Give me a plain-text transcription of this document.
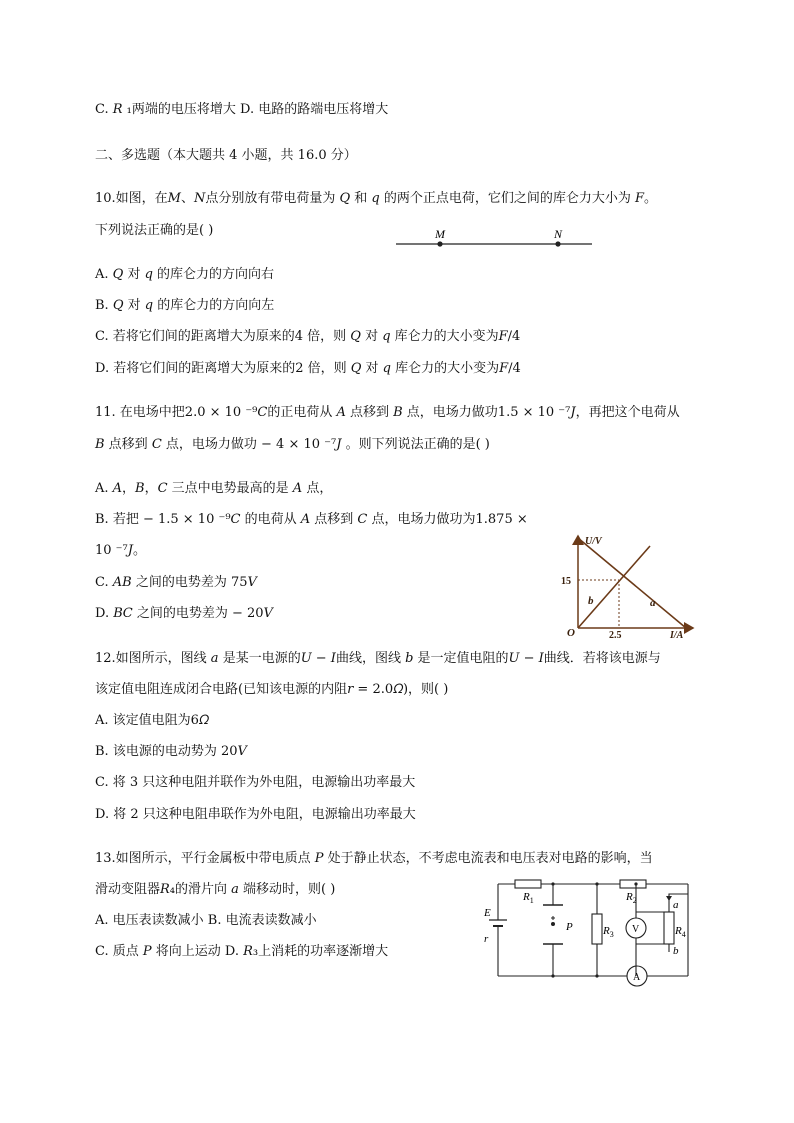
C. 𝑅 ₁两端的电压将增大 D. 电路的路端电压将增大
二、多选题（本大题共 4 小题，共 16.0 分）
10.如图，在𝑀、𝑁点分别放有带电荷量为 𝑄 和 𝑞 的两个正点电荷，它们之间的库仑力大小为 𝐹。
下列说法正确的是( )
A. 𝑄 对 𝑞 的库仑力的方向向右
B. 𝑄 对 𝑞 的库仑力的方向向左
C. 若将它们间的距离增大为原来的4 倍，则 𝑄 对 𝑞 库仑力的大小变为𝐹/4
D. 若将它们间的距离增大为原来的2 倍，则 𝑄 对 𝑞 库仑力的大小变为𝐹/4
11. 在电场中把2.0 × 10 ⁻⁹𝐶的正电荷从 𝐴 点移到 𝐵 点，电场力做功1.5 × 10 ⁻⁷𝐽，再把这个电荷从
𝐵 点移到 𝐶 点，电场力做功 − 4 × 10 ⁻⁷𝐽 。则下列说法正确的是( )
A. 𝐴，𝐵，𝐶 三点中电势最高的是 𝐴 点，
B. 若把 − 1.5 × 10 ⁻⁹𝐶 的电荷从 𝐴 点移到 𝐶 点，电场力做功为1.875 ×
10 ⁻⁷𝐽。
C. 𝐴𝐵 之间的电势差为 75𝑉
D. 𝐵𝐶 之间的电势差为 − 20𝑉
12.如图所示，图线 𝑎 是某一电源的𝑈 − 𝐼曲线，图线 𝑏 是一定值电阻的𝑈 − 𝐼曲线．若将该电源与
该定值电阻连成闭合电路(已知该电源的内阻𝑟 = 2.0𝛺)，则( )
A. 该定值电阻为6𝛺
B. 该电源的电动势为 20𝑉
C. 将 3 只这种电阻并联作为外电阻，电源输出功率最大
D. 将 2 只这种电阻串联作为外电阻，电源输出功率最大
13.如图所示，平行金属板中带电质点 𝑃 处于静止状态，不考虑电流表和电压表对电路的影响，当
滑动变阻器𝑅₄的滑片向 𝑎 端移动时，则( )
A. 电压表读数减小 B. 电流表读数减小
C. 质点 𝑃 将向上运动 D. 𝑅₃上消耗的功率逐渐增大
M	N
U/V
I/A
O
15
2.5
a
b
E
r
$R_1$	$R_2$
$R_3$	$R_4$
P
a
b
V
A
